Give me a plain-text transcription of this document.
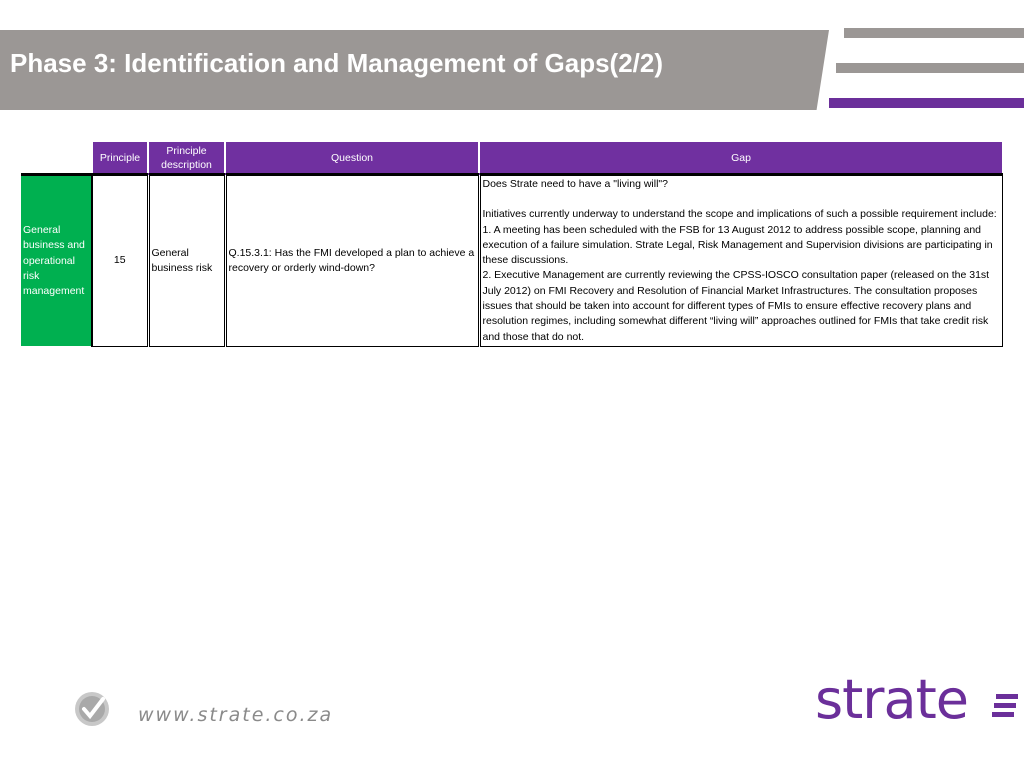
Phase 3: Identification and Management of Gaps(2/2)
	Principle	Principle description	Question	Gap
General business and operational risk management	15	General business risk	Q.15.3.1: Has the FMI developed a plan to achieve a recovery or orderly wind-down?	Does Strate need to have a "living will"?
Initiatives currently underway to understand the scope and implications of such a possible requirement include:
1. A meeting has been scheduled with the FSB for 13 August 2012 to address possible scope, planning and execution of a failure simulation. Strate Legal, Risk Management and Supervision divisions are participating in these discussions.
2. Executive Management are currently reviewing the CPSS-IOSCO consultation paper (released on the 31st July 2012) on FMI Recovery and Resolution of Financial Market Infrastructures. The consultation proposes issues that should be taken into account for different types of FMIs to ensure effective recovery plans and resolution regimes, including somewhat different “living will” approaches outlined for FMIs that take credit risk and those that do not.
www.strate.co.za	strate
